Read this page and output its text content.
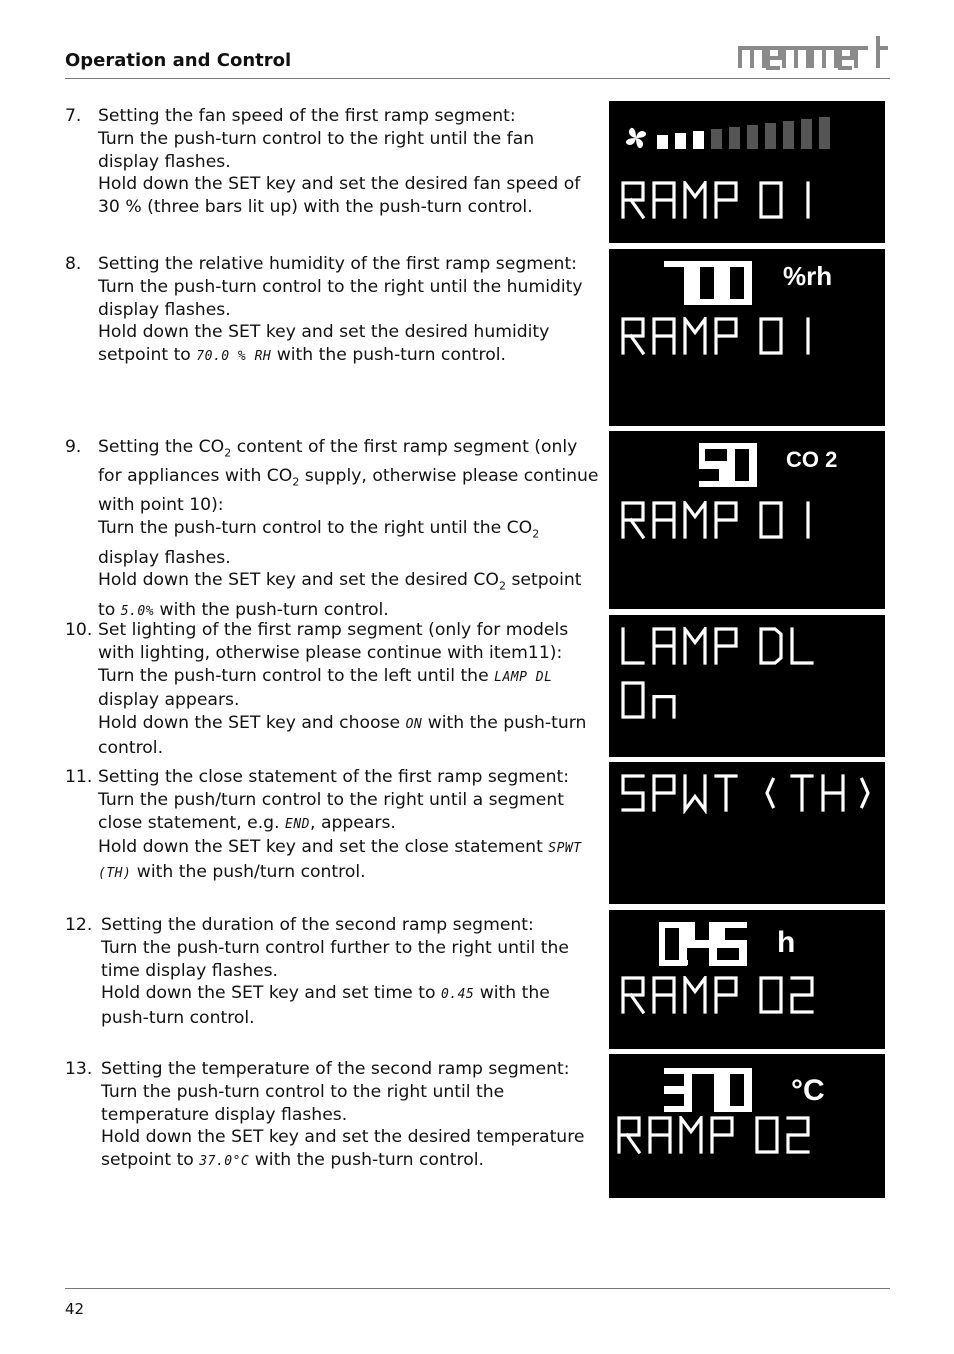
Operation and Control
7. Setting the fan speed of the first ramp segment:

Turn the push-turn control to the right until the fan display flashes.

Hold down the SET key and set the desired fan speed of 30 % (three bars lit up) with the push-turn control.

8. Setting the relative humidity of the first ramp segment:

Turn the push-turn control to the right until the humidity display flashes.

Hold down the SET key and set the desired humidity setpoint to 70.0 % RH with the push-turn control.

9. Setting the $CO_2$ content of the first ramp segment (only for appliances with $CO_2$ supply, otherwise please continue with point 10):

Turn the push-turn control to the right until the $CO_2$ display flashes.

Hold down the SET key and set the desired $CO_2$ setpoint to 5.0% with the push-turn control.

10. Set lighting of the first ramp segment (only for models with lighting, otherwise please continue with item11):

Turn the push-turn control to the left until the LAMP DL display appears.

Hold down the SET key and choose ON with the push-turn control.

11. Setting the close statement of the first ramp segment:

Turn the push/turn control to the right until a segment close statement, e.g. END, appears.

Hold down the SET key and set the close statement SPWT (TH) with the push/turn control.

12. Setting the duration of the second ramp segment:

Turn the push-turn control further to the right until the time display flashes.

Hold down the SET key and set time to 0.45 with the push-turn control.

13. Setting the temperature of the second ramp segment:

Turn the push-turn control to the right until the temperature display flashes.

Hold down the SET key and set the desired temperature setpoint to 37.0°C with the push-turn control.

%rh
CO 2
h
°C
42
